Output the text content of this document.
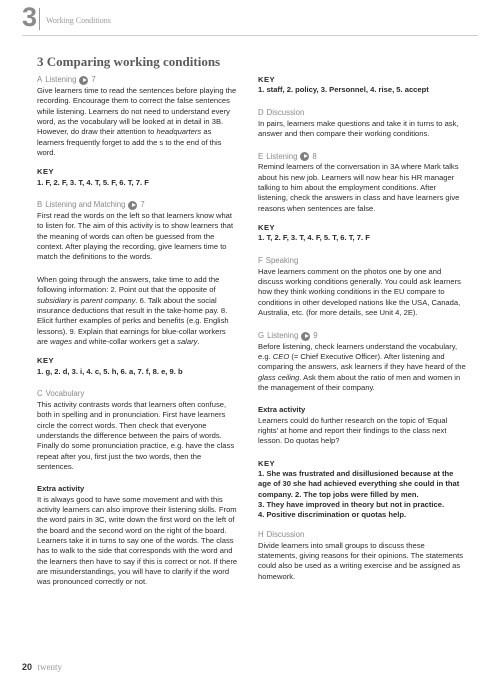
3 Working Conditions
3 Comparing working conditions
A Listening 7

Give learners time to read the sentences before playing the recording. Encourage them to correct the false sentences while listening. Learners do not need to understand every word, as the vocabulary will be looked at in detail in 3B. However, do draw their attention to headquarters as learners frequently forget to add the s to the end of this word.

KEY

1. F, 2. F, 3. T, 4. T, 5. F, 6. T, 7. F

B Listening and Matching 7

First read the words on the left so that learners know what to listen for. The aim of this activity is to show learners that the meaning of words can often be guessed from the context. After playing the recording, give learners time to match the definitions to the words.

When going through the answers, take time to add the following information: 2. Point out that the opposite of subsidiary is parent company. 6. Talk about the social insurance deductions that result in the take-home pay. 8. Elicit further examples of perks and benefits (e.g. English lessons). 9. Explain that earnings for blue-collar workers are wages and white-collar workers get a salary.

KEY

1. g, 2. d, 3. i, 4. c, 5. h, 6. a, 7. f, 8. e, 9. b

C Vocabulary

This activity contrasts words that learners often confuse, both in spelling and in pronunciation. First have learners circle the correct words. Then check that everyone understands the difference between the pairs of words. Finally do some pronunciation practice, e.g. have the class repeat after you, first just the two words, then the sentences.

Extra activity

It is always good to have some movement and with this activity learners can also improve their listening skills. From the word pairs in 3C, write down the first word on the left of the board and the second word on the right of the board. Learners take it in turns to say one of the words. The class has to walk to the side that corresponds with the word and the learners then have to say if this is correct or not. If there are misunderstandings, you will have to clarify if the word was pronounced correctly or not.

KEY

1. staff, 2. policy, 3. Personnel, 4. rise, 5. accept

D Discussion

In pairs, learners make questions and take it in turns to ask, answer and then compare their working conditions.

E Listening 8

Remind learners of the conversation in 3A where Mark talks about his new job. Learners will now hear his HR manager talking to him about the employment conditions. After listening, check the answers in class and have learners give reasons when sentences are false.

KEY

1. T, 2. F, 3. T, 4. F, 5. T, 6. T, 7. F

F Speaking

Have learners comment on the photos one by one and discuss working conditions generally. You could ask learners how they think working conditions in the EU compare to conditions in other developed nations like the USA, Canada, Australia, etc. (for more details, see Unit 4, 2E).

G Listening 9

Before listening, check learners understand the vocabulary, e.g. CEO (= Chief Executive Officer). After listening and comparing the answers, ask learners if they have heard of the glass ceiling. Ask them about the ratio of men and women in the management of their company.

Extra activity

Learners could do further research on the topic of 'Equal rights' at home and report their findings to the class next lesson. Do quotas help?

KEY

1. She was frustrated and disillusioned because at the age of 30 she had achieved everything she could in that company. 2. The top jobs were filled by men.
3. They have improved in theory but not in practice.
4. Positive discrimination or quotas help.

H Discussion

Divide learners into small groups to discuss these statements, giving reasons for their opinions. The statements could also be used as a writing exercise and be assigned as homework.

20 twenty
